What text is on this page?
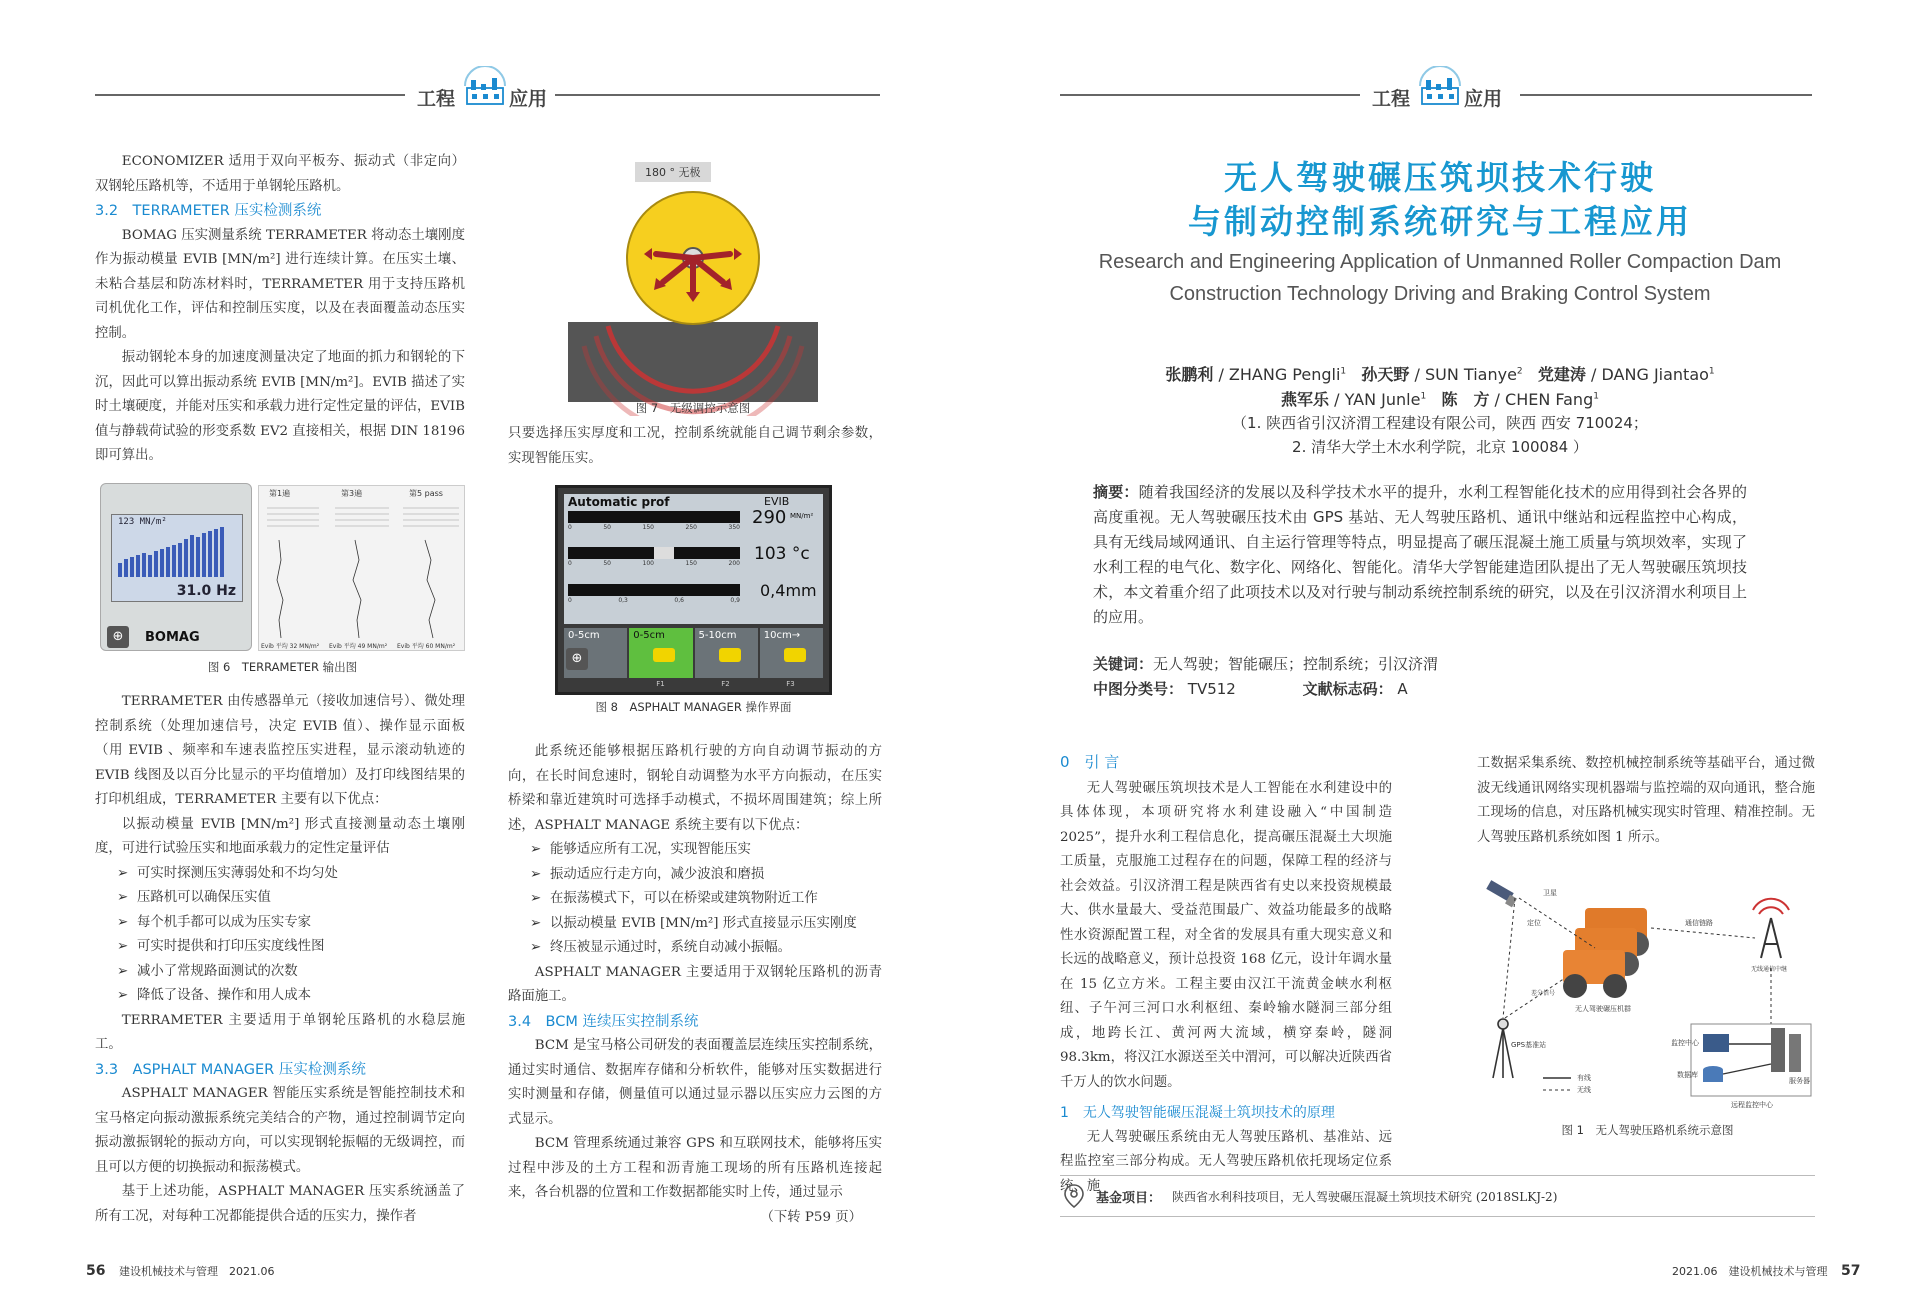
工程	应用

ECONOMIZER 适用于双向平板夯、振动式（非定向）双钢轮压路机等，不适用于单钢轮压路机。

3.2　TERRAMETER 压实检测系统

BOMAG 压实测量系统 TERRAMETER 将动态土壤刚度作为振动模量 EVIB [MN/m²] 进行连续计算。在压实土壤、未粘合基层和防冻材料时，TERRAMETER 用于支持压路机司机优化工作，评估和控制压实度，以及在表面覆盖动态压实控制。

振动钢轮本身的加速度测量决定了地面的抓力和钢轮的下沉，因此可以算出振动系统 EVIB [MN/m²]。EVIB 描述了实时土壤硬度，并能对压实和承载力进行定性定量的评估，EVIB 值与静载荷试验的形变系数 EV2 直接相关，根据 DIN 18196 即可算出。

123 MN/m²
31.0 Hz
⊕	BOMAG
第1遍	第3遍	第5 pass
Evib 平均 32 MN/m² Evib 平均 49 MN/m² Evib 平均 60 MN/m²
图 6　TERRAMETER 输出图

TERRAMETER 由传感器单元（接收加速信号）、微处理控制系统（处理加速信号，决定 EVIB 值）、操作显示面板（用 EVIB 、频率和车速表监控压实进程，显示滚动轨迹的 EVIB 线图及以百分比显示的平均值增加）及打印线图结果的打印机组成，TERRAMETER 主要有以下优点：

以振动模量 EVIB [MN/m²] 形式直接测量动态土壤刚度，可进行试验压实和地面承载力的定性定量评估

➢ 可实时探测压实薄弱处和不均匀处
➢ 压路机可以确保压实值
➢ 每个机手都可以成为压实专家
➢ 可实时提供和打印压实度线性图
➢ 减小了常规路面测试的次数
➢ 降低了设备、操作和用人成本

TERRAMETER 主要适用于单钢轮压路机的水稳层施工。

3.3　ASPHALT MANAGER 压实检测系统

ASPHALT MANAGER 智能压实系统是智能控制技术和宝马格定向振动激振系统完美结合的产物，通过控制调节定向振动激振钢轮的振动方向，可以实现钢轮振幅的无级调控，而且可以方便的切换振动和振荡模式。

基于上述功能，ASPHALT MANAGER 压实系统涵盖了所有工况，对每种工况都能提供合适的压实力，操作者

180 ° 无极
图 7　无级调控示意图

只要选择压实厚度和工况，控制系统就能自己调节剩余参数，实现智能压实。

Automatic prof	EVIB
290 MN/m²
0	50	150	250	350
103 °c
0	50	100	150	200
0,4mm
0	0,3	0,6	0,9
0-5cm	0-5cm	5-10cm	10cm→
F1	F2	F3
⊕
图 8　ASPHALT MANAGER 操作界面

此系统还能够根据压路机行驶的方向自动调节振动的方向，在长时间怠速时，钢轮自动调整为水平方向振动，在压实桥梁和靠近建筑时可选择手动模式，不损坏周围建筑；综上所述，ASPHALT MANAGE 系统主要有以下优点：

➢ 能够适应所有工况，实现智能压实
➢ 振动适应行走方向，减少波浪和磨损
➢ 在振荡模式下，可以在桥梁或建筑物附近工作
➢ 以振动模量 EVIB [MN/m²] 形式直接显示压实刚度
➢ 终压被显示通过时，系统自动减小振幅。

ASPHALT MANAGER 主要适用于双钢轮压路机的沥青路面施工。

3.4　BCM 连续压实控制系统

BCM 是宝马格公司研发的表面覆盖层连续压实控制系统，通过实时通信、数据库存储和分析软件，能够对压实数据进行实时测量和存储，侧量值可以通过显示器以压实应力云图的方式显示。

BCM 管理系统通过兼容 GPS 和互联网技术，能够将压实过程中涉及的土方工程和沥青施工现场的所有压路机连接起来，各台机器的位置和工作数据都能实时上传，通过显示

（下转 P59 页）
56 建设机械技术与管理　2021.06
工程	应用
无人驾驶碾压筑坝技术行驶
与制动控制系统研究与工程应用
Research and Engineering Application of Unmanned Roller Compaction Dam
Construction Technology Driving and Braking Control System
张鹏利 / ZHANG Pengli$^1$ 孙天野 / SUN Tianye$^2$ 党建涛 / DANG Jiantao$^1$
燕军乐 / YAN Junle$^1$ 陈　方 / CHEN Fang$^1$
（1. 陕西省引汉济渭工程建设有限公司，陕西 西安 710024；
2. 清华大学土木水利学院，北京 100084 ）
摘要：随着我国经济的发展以及科学技术水平的提升，水利工程智能化技术的应用得到社会各界的高度重视。无人驾驶碾压技术由 GPS 基站、无人驾驶压路机、通讯中继站和远程监控中心构成，具有无线局域网通讯、自主运行管理等特点，明显提高了碾压混凝土施工质量与筑坝效率，实现了水利工程的电气化、数字化、网络化、智能化。清华大学智能建造团队提出了无人驾驶碾压筑坝技术，本文着重介绍了此项技术以及对行驶与制动系统控制系统的研究，以及在引汉济渭水利项目上的应用。
关键词：无人驾驶；智能碾压；控制系统；引汉济渭
中图分类号： TV512	文献标志码： A
0　引 言

无人驾驶碾压筑坝技术是人工智能在水利建设中的具体体现，本项研究将水利建设融入“中国制造 2025”，提升水利工程信息化，提高碾压混凝土大坝施工质量，克服施工过程存在的问题，保障工程的经济与社会效益。引汉济渭工程是陕西省有史以来投资规模最大、供水量最大、受益范围最广、效益功能最多的战略性水资源配置工程，对全省的发展具有重大现实意义和长远的战略意义，预计总投资 168 亿元，设计年调水量在 15 亿立方米。工程主要由汉江干流黄金峡水利枢纽、子午河三河口水利枢纽、秦岭输水隧洞三部分组成，地跨长江、黄河两大流域，横穿秦岭，隧洞 98.3km，将汉江水源送至关中渭河，可以解决近陕西省千万人的饮水问题。

1　无人驾驶智能碾压混凝土筑坝技术的原理

无人驾驶碾压系统由无人驾驶压路机、基准站、远程监控室三部分构成。无人驾驶压路机依托现场定位系统、施

工数据采集系统、数控机械控制系统等基础平台，通过微波无线通讯网络实现机器端与监控端的双向通讯，整合施工现场的信息，对压路机械实现实时管理、精准控制。无人驾驶压路机系统如图 1 所示。

卫星
定位	通信链路
无线通信中继
无人驾驶碾压机群
差分信号
GPS基准站
有线
无线
监控中心
数据库
服务器
远程监控中心
图 1　无人驾驶压路机系统示意图
基金项目： 陕西省水利科技项目，无人驾驶碾压混凝土筑坝技术研究 (2018SLKJ-2)
2021.06　建设机械技术与管理 57
